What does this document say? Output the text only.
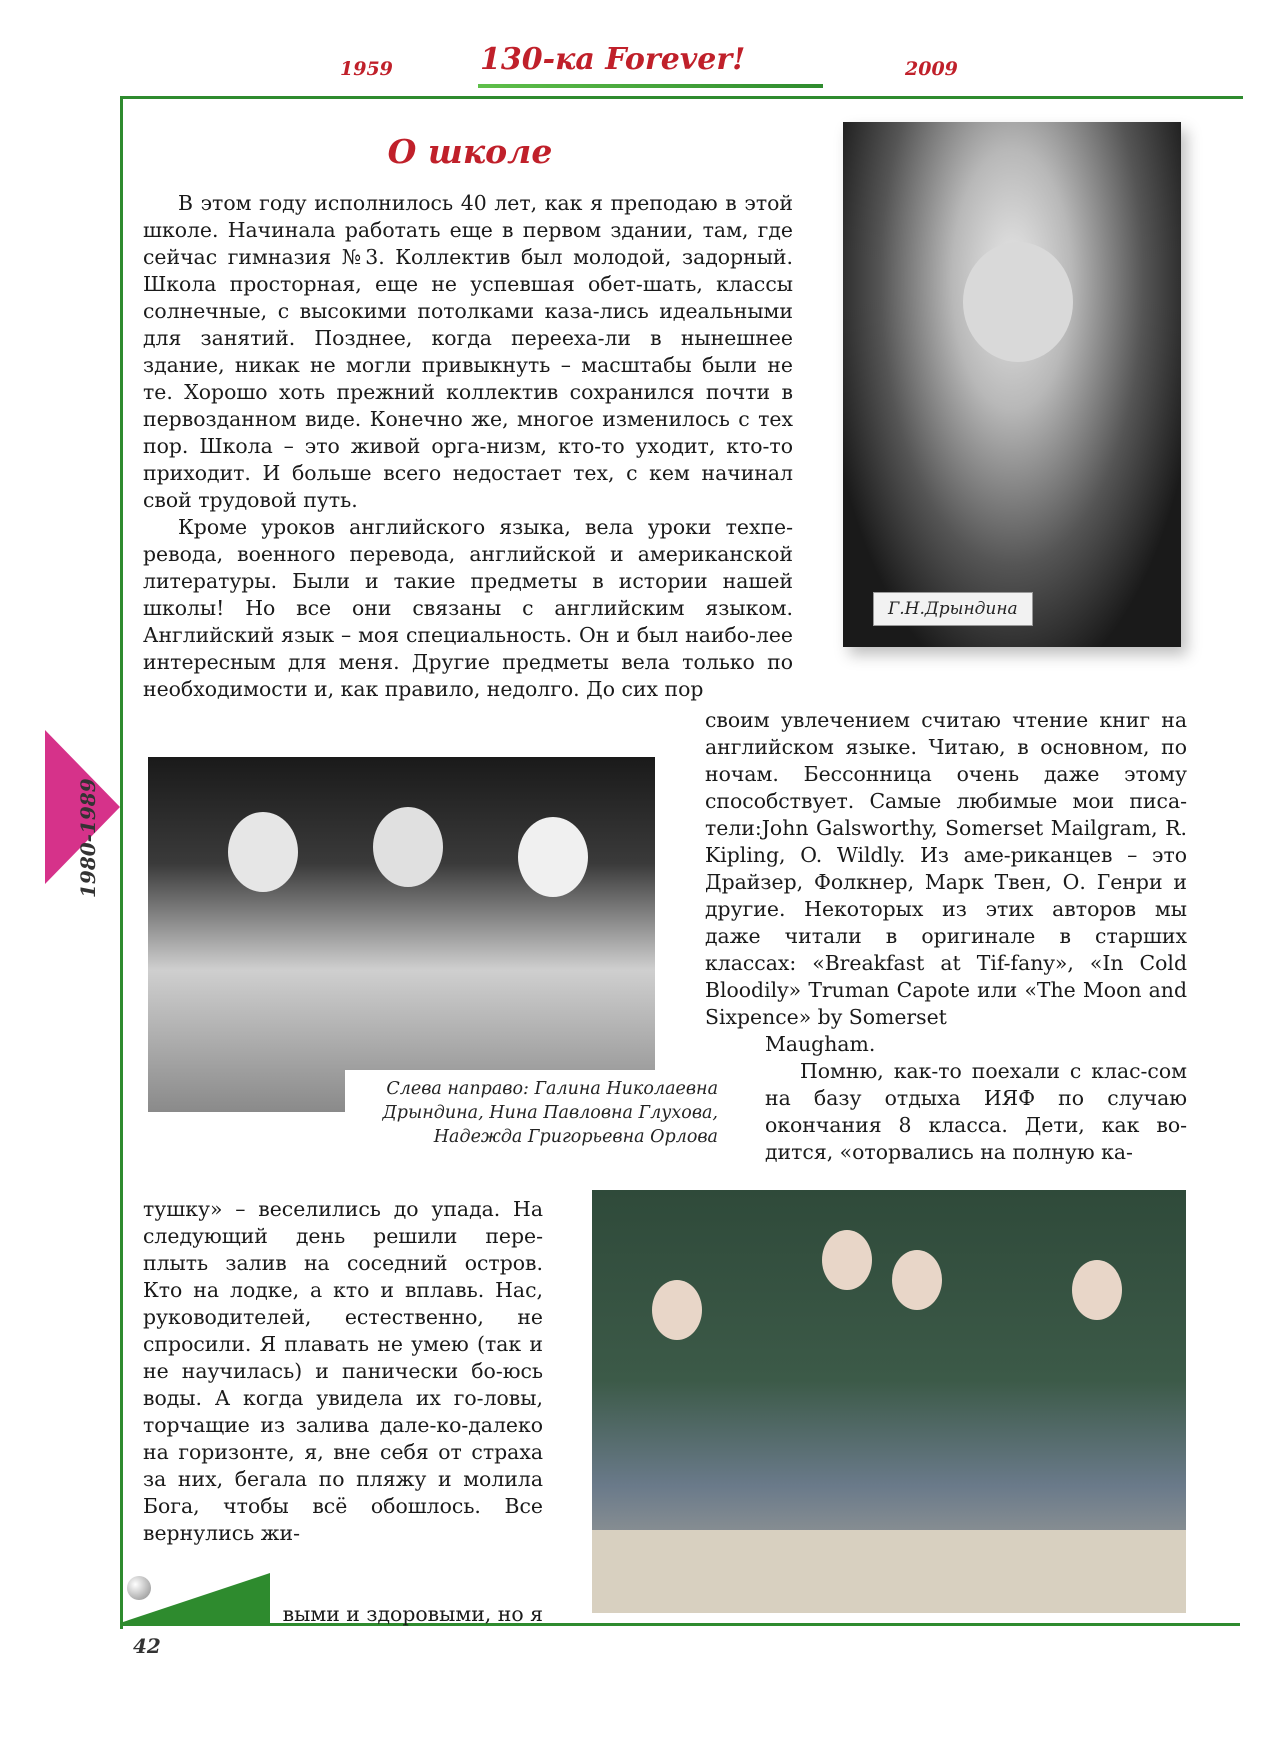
1959	130-ка Forever!	2009
О школе

В этом году исполнилось 40 лет, как я преподаю в этой школе. Начинала работать еще в первом здании, там, где сейчас гимназия №3. Коллектив был молодой, задорный. Школа просторная, еще не успевшая обет-шать, классы солнечные, с высокими потолками каза-лись идеальными для занятий. Позднее, когда перееха-ли в нынешнее здание, никак не могли привыкнуть – масштабы были не те. Хорошо хоть прежний коллектив сохранился почти в первозданном виде. Конечно же, многое изменилось с тех пор. Школа – это живой орга-низм, кто-то уходит, кто-то приходит. И больше всего недостает тех, с кем начинал свой трудовой путь.

Кроме уроков английского языка, вела уроки техпе-ревода, военного перевода, английской и американской литературы. Были и такие предметы в истории нашей школы! Но все они связаны с английским языком. Английский язык – моя специальность. Он и был наибо-лее интересным для меня. Другие предметы вела только по необходимости и, как правило, недолго. До сих пор

Г.Н.Дрындина

своим увлечением считаю чтение книг на английском языке. Читаю, в основном, по ночам. Бессонница очень даже этому способствует. Самые любимые мои писа-тели:John Galsworthy, Somerset Mailgram, R. Kipling, O. Wildly. Из аме-риканцев – это Драйзер, Фолкнер, Марк Твен, О. Генри и другие. Некоторых из этих авторов мы даже читали в оригинале в старших классах: «Breakfast at Tif-fany», «In Cold Bloodily» Truman Capote или «The Moon and Sixpence» by Somerset

Maugham.

Помню, как-то поехали с клас-сом на базу отдыха ИЯФ по случаю окончания 8 класса. Дети, как во-дится, «оторвались на полную ка-

Слева направо: Галина Николаевна
Дрындина, Нина Павловна Глухова,
Надежда Григорьевна Орлова

тушку» – веселились до упада. На следующий день решили пере-плыть залив на соседний остров. Кто на лодке, а кто и вплавь. Нас, руководителей, естественно, не спросили. Я плавать не умею (так и не научилась) и панически бо-юсь воды. А когда увидела их го-ловы, торчащие из залива дале-ко-далеко на горизонте, я, вне себя от страха за них, бегала по пляжу и молила Бога, чтобы всё обошлось. Все вернулись жи-

выми и здоровыми, но я
1980-1989
42
